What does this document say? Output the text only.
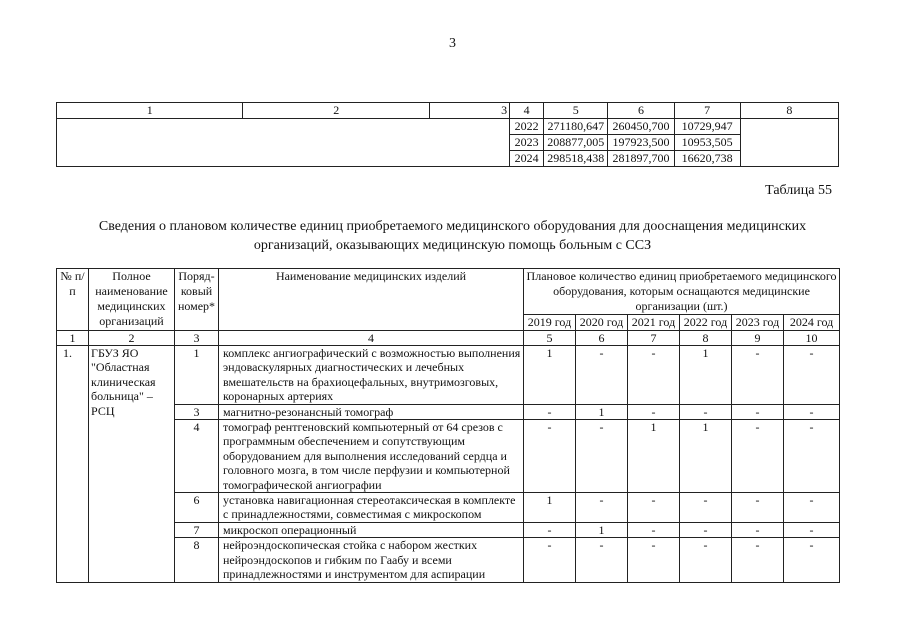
3
1	2	3	4	5	6	7	8
			2022	271180,647	260450,700	10729,947	
			2023	208877,005	197923,500	10953,505	
			2024	298518,438	281897,700	16620,738	
Таблица 55
Сведения о плановом количестве единиц приобретаемого медицинского оборудования для дооснащения медицинских
организаций, оказывающих медицинскую помощь больным с ССЗ
№ п/п	Полное наименование медицинских организаций	Поряд-ковый номер*	Наименование медицинских изделий	Плановое количество единиц приобретаемого медицинского оборудования, которым оснащаются медицинские организации (шт.)					
				2019 год	2020 год	2021 год	2022 год	2023 год	2024 год
1	2	3	4	5	6	7	8	9	10
1.	ГБУЗ ЯО "Областная клиническая больница" – РСЦ	1	комплекс ангиографический с возможностью выполнения эндоваскулярных диагностических и лечебных вмешательств на брахиоцефальных, внутримозговых, коронарных артериях	1	-	-	1	-	-
		3	магнитно-резонансный томограф	-	1	-	-	-	-
		4	томограф рентгеновский компьютерный от 64 срезов с программным обеспечением и сопутствующим оборудованием для выполнения исследований сердца и головного мозга, в том числе перфузии и компьютерной томографической ангиографии	-	-	1	1	-	-
		6	установка навигационная стереотаксическая в комплекте с принадлежностями, совместимая с микроскопом	1	-	-	-	-	-
		7	микроскоп операционный	-	1	-	-	-	-
		8	нейроэндоскопическая стойка с набором жестких нейроэндоскопов и гибким по Гаабу и всеми принадлежностями и инструментом для аспирации	-	-	-	-	-	-
